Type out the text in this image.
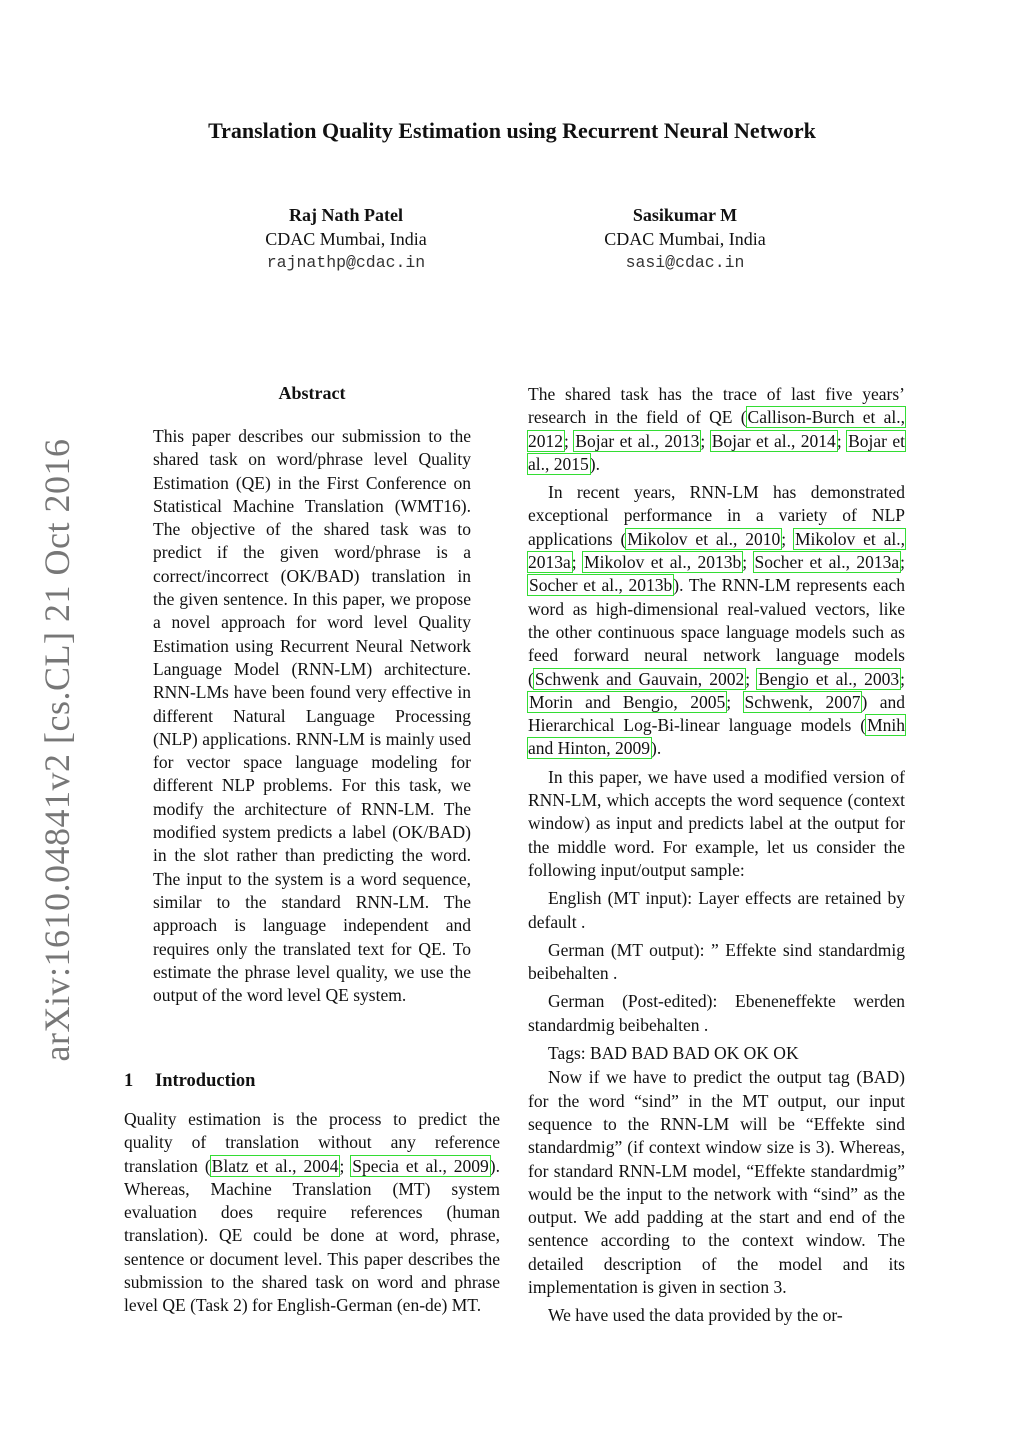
Translation Quality Estimation using Recurrent Neural Network
Raj Nath Patel
CDAC Mumbai, India
rajnathp@cdac.in
Sasikumar M
CDAC Mumbai, India
sasi@cdac.in
arXiv:1610.04841v2 [cs.CL] 21 Oct 2016
Abstract

This paper describes our submission to the shared task on word/phrase level Quality Estimation (QE) in the First Conference on Statistical Machine Translation (WMT16). The objective of the shared task was to predict if the given word/phrase is a correct/incorrect (OK/BAD) translation in the given sentence. In this paper, we propose a novel approach for word level Quality Estimation using Recurrent Neural Network Language Model (RNN-LM) architecture. RNN-LMs have been found very effective in different Natural Language Processing (NLP) applications. RNN-LM is mainly used for vector space language modeling for different NLP problems. For this task, we modify the architecture of RNN-LM. The modified system predicts a label (OK/BAD) in the slot rather than predicting the word. The input to the system is a word sequence, similar to the standard RNN-LM. The approach is language independent and requires only the translated text for QE. To estimate the phrase level quality, we use the output of the word level QE system.

1 Introduction

Quality estimation is the process to predict the quality of translation without any reference translation (Blatz et al., 2004; Specia et al., 2009). Whereas, Machine Translation (MT) system evaluation does require references (human translation). QE could be done at word, phrase, sentence or document level. This paper describes the submission to the shared task on word and phrase level QE (Task 2) for English-German (en-de) MT.

The shared task has the trace of last five years’ research in the field of QE (Callison-Burch et al., 2012; Bojar et al., 2013; Bojar et al., 2014; Bojar et al., 2015).

In recent years, RNN-LM has demonstrated exceptional performance in a variety of NLP applications (Mikolov et al., 2010; Mikolov et al., 2013a; Mikolov et al., 2013b; Socher et al., 2013a; Socher et al., 2013b). The RNN-LM represents each word as high-dimensional real-valued vectors, like the other continuous space language models such as feed forward neural network language models (Schwenk and Gauvain, 2002; Bengio et al., 2003; Morin and Bengio, 2005; Schwenk, 2007) and Hierarchical Log-Bi-linear language models (Mnih and Hinton, 2009).

In this paper, we have used a modified version of RNN-LM, which accepts the word sequence (context window) as input and predicts label at the output for the middle word. For example, let us consider the following input/output sample:

English (MT input): Layer effects are retained by default .

German (MT output): ” Effekte sind standardmig beibehalten .

German (Post-edited): Ebeneneffekte werden standardmig beibehalten .

Tags: BAD BAD BAD OK OK OK

Now if we have to predict the output tag (BAD) for the word “sind” in the MT output, our input sequence to the RNN-LM will be “Effekte sind standardmig” (if context window size is 3). Whereas, for standard RNN-LM model, “Effekte standardmig” would be the input to the network with “sind” as the output. We add padding at the start and end of the sentence according to the context window. The detailed description of the model and its implementation is given in section 3.

We have used the data provided by the or-
